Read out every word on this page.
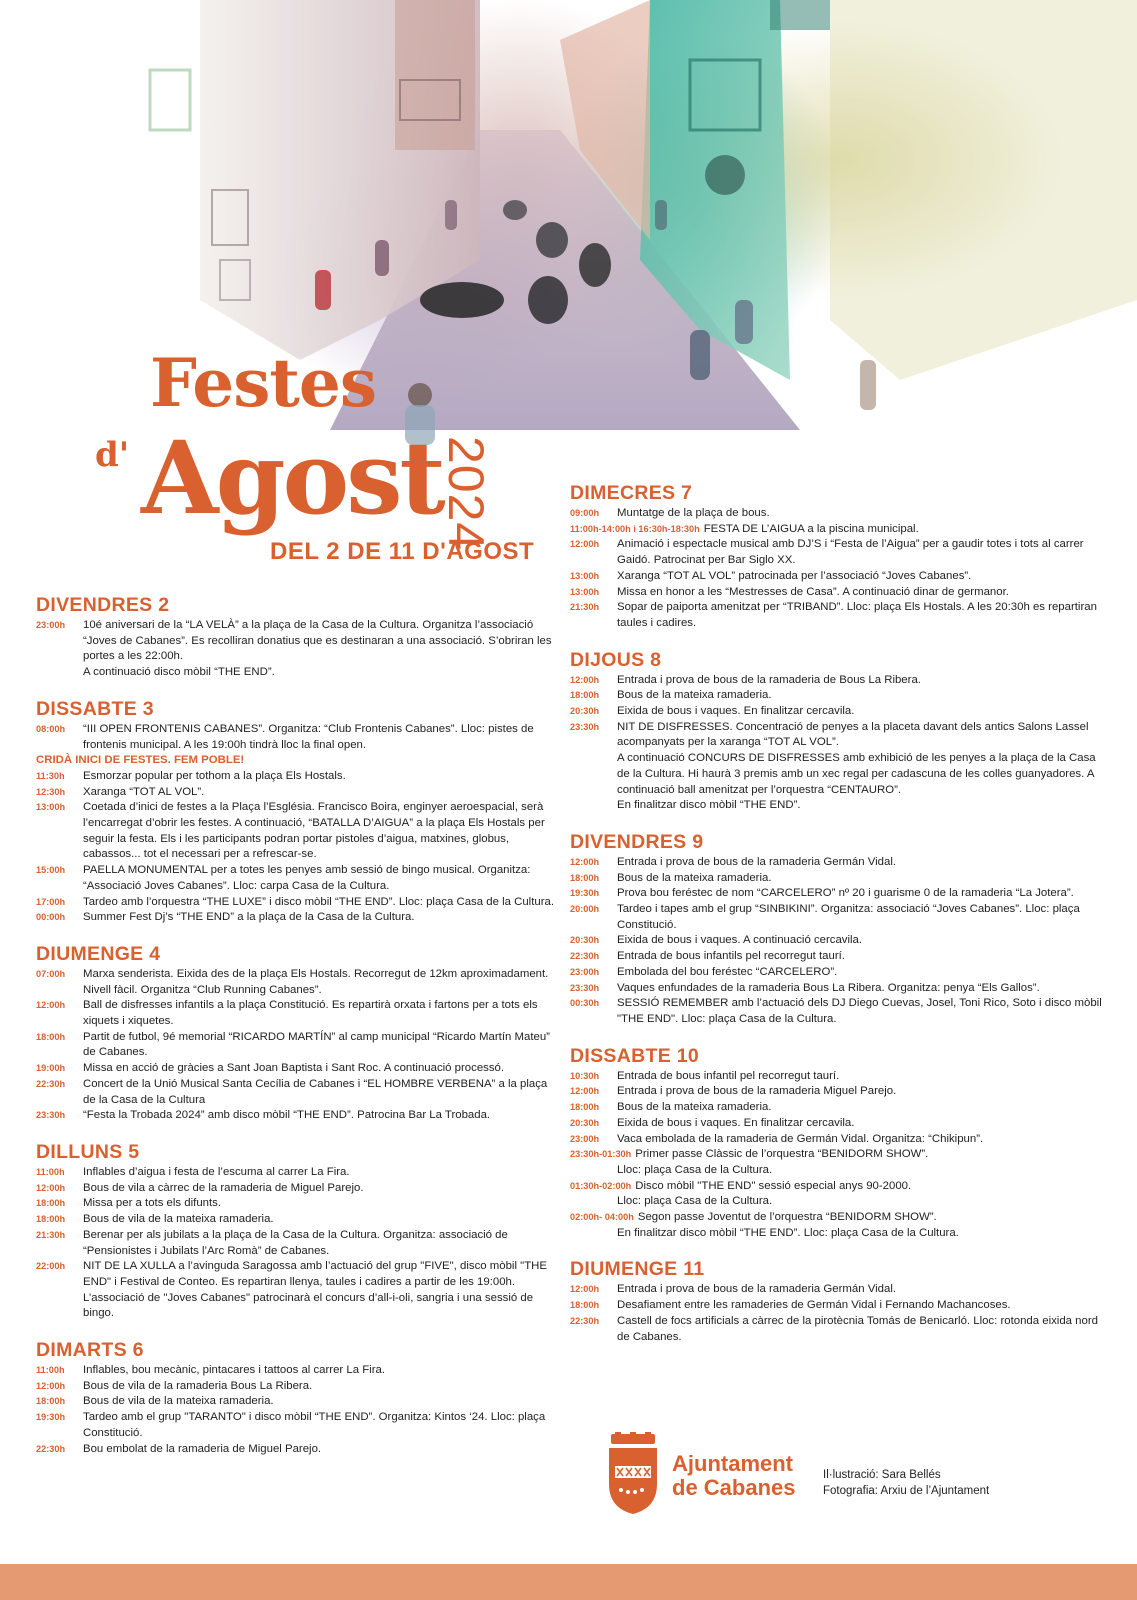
Festes
d' Agost
2024
DEL 2 DE 11 D'AGOST
DIVENDRES 2
23:00h	10é aniversari de la “LA VELÀ” a la plaça de la Casa de la Cultura. Organitza l’associació “Joves de Cabanes”. Es recolliran donatius que es destinaran a una associació. S’obriran les portes a les 22:00h.
A continuació disco mòbil “THE END”.
DISSABTE 3
08:00h	“III OPEN FRONTENIS CABANES”. Organitza: “Club Frontenis Cabanes”. Lloc: pistes de frontenis municipal. A les 19:00h tindrà lloc la final open.
CRIDÀ INICI DE FESTES. FEM POBLE!
11:30h	Esmorzar popular per tothom a la plaça Els Hostals.
12:30h	Xaranga “TOT AL VOL”.
13:00h	Coetada d’inici de festes a la Plaça l’Església. Francisco Boira, enginyer aeroespacial, serà l’encarregat d’obrir les festes. A continuació, “BATALLA D’AIGUA” a la plaça Els Hostals per seguir la festa. Els i les participants podran portar pistoles d’aigua, matxines, globus, cabassos... tot el necessari per a refrescar-se.
15:00h	PAELLA MONUMENTAL per a totes les penyes amb sessió de bingo musical. Organitza: “Associació Joves Cabanes”. Lloc: carpa Casa de la Cultura.
17:00h	Tardeo amb l’orquestra “THE LUXE” i disco mòbil “THE END”. Lloc: plaça Casa de la Cultura.
00:00h	Summer Fest Dj’s “THE END” a la plaça de la Casa de la Cultura.
DIUMENGE 4
07:00h	Marxa senderista. Eixida des de la plaça Els Hostals. Recorregut de 12km aproximadament. Nivell fàcil. Organitza “Club Running Cabanes”.
12:00h	Ball de disfresses infantils a la plaça Constitució. Es repartirà orxata i fartons per a tots els xiquets i xiquetes.
18:00h	Partit de futbol, 9é memorial “RICARDO MARTÍN” al camp municipal “Ricardo Martín Mateu” de Cabanes.
19:00h	Missa en acció de gràcies a Sant Joan Baptista i Sant Roc. A continuació processó.
22:30h	Concert de la Unió Musical Santa Cecília de Cabanes i “EL HOMBRE VERBENA” a la plaça de la Casa de la Cultura
23:30h	“Festa la Trobada 2024” amb disco mòbil “THE END”. Patrocina Bar La Trobada.
DILLUNS 5
11:00h	Inflables d’aigua i festa de l’escuma al carrer La Fira.
12:00h	Bous de vila a càrrec de la ramaderia de Miguel Parejo.
18:00h	Missa per a tots els difunts.
18:00h	Bous de vila de la mateixa ramaderia.
21:30h	Berenar per als jubilats a la plaça de la Casa de la Cultura. Organitza: associació de “Pensionistes i Jubilats l’Arc Romà” de Cabanes.
22:00h	NIT DE LA XULLA a l’avinguda Saragossa amb l’actuació del grup "FIVE", disco mòbil "THE END" i Festival de Conteo. Es repartiran llenya, taules i cadires a partir de les 19:00h. L’associació de "Joves Cabanes" patrocinarà el concurs d’all-i-oli, sangria i una sessió de bingo.
DIMARTS 6
11:00h	Inflables, bou mecànic, pintacares i tattoos al carrer La Fira.
12:00h	Bous de vila de la ramaderia Bous La Ribera.
18:00h	Bous de vila de la mateixa ramaderia.
19:30h	Tardeo amb el grup "TARANTO" i disco mòbil “THE END”. Organitza: Kintos ‘24. Lloc: plaça Constitució.
22:30h	Bou embolat de la ramaderia de Miguel Parejo.
DIMECRES 7
09:00h	Muntatge de la plaça de bous.
11:00h-14:00h i 16:30h-18:30h FESTA DE L’AIGUA a la piscina municipal.
12:00h	Animació i espectacle musical amb DJ’S i “Festa de l’Aigua” per a gaudir totes i tots al carrer Gaidó. Patrocinat per Bar Siglo XX.
13:00h	Xaranga “TOT AL VOL” patrocinada per l’associació “Joves Cabanes”.
13:00h	Missa en honor a les “Mestresses de Casa”. A continuació dinar de germanor.
21:30h	Sopar de paiporta amenitzat per “TRIBAND”. Lloc: plaça Els Hostals. A les 20:30h es repartiran taules i cadires.
DIJOUS 8
12:00h	Entrada i prova de bous de la ramaderia de Bous La Ribera.
18:00h	Bous de la mateixa ramaderia.
20:30h	Eixida de bous i vaques. En finalitzar cercavila.
23:30h	NIT DE DISFRESSES. Concentració de penyes a la placeta davant dels antics Salons Lassel acompanyats per la xaranga “TOT AL VOL”.
A continuació CONCURS DE DISFRESSES amb exhibició de les penyes a la plaça de la Casa de la Cultura. Hi haurà 3 premis amb un xec regal per cadascuna de les colles guanyadores. A continuació ball amenitzat per l’orquestra “CENTAURO”.
En finalitzar disco mòbil “THE END”.
DIVENDRES 9
12:00h	Entrada i prova de bous de la ramaderia Germán Vidal.
18:00h	Bous de la mateixa ramaderia.
19:30h	Prova bou feréstec de nom “CARCELERO” nº 20 i guarisme 0 de la ramaderia “La Jotera”.
20:00h	Tardeo i tapes amb el grup “SINBIKINI”. Organitza: associació “Joves Cabanes”. Lloc: plaça Constitució.
20:30h	Eixida de bous i vaques. A continuació cercavila.
22:30h	Entrada de bous infantils pel recorregut taurí.
23:00h	Embolada del bou feréstec “CARCELERO”.
23:30h	Vaques enfundades de la ramaderia Bous La Ribera. Organitza: penya “Els Gallos”.
00:30h	SESSIÓ REMEMBER amb l’actuació dels DJ Diego Cuevas, Josel, Toni Rico, Soto i disco mòbil "THE END". Lloc: plaça Casa de la Cultura.
DISSABTE 10
10:30h	Entrada de bous infantil pel recorregut taurí.
12:00h	Entrada i prova de bous de la ramaderia Miguel Parejo.
18:00h	Bous de la mateixa ramaderia.
20:30h	Eixida de bous i vaques. En finalitzar cercavila.
23:00h	Vaca embolada de la ramaderia de Germán Vidal. Organitza: “Chikipun”.
23:30h-01:30h Primer passe Clàssic de l’orquestra “BENIDORM SHOW”.
Lloc: plaça Casa de la Cultura.
01:30h-02:00h Disco mòbil "THE END" sessió especial anys 90-2000.
Lloc: plaça Casa de la Cultura.
02:00h- 04:00h Segon passe Joventut de l’orquestra “BENIDORM SHOW”.
En finalitzar disco mòbil “THE END”. Lloc: plaça Casa de la Cultura.
DIUMENGE 11
12:00h	Entrada i prova de bous de la ramaderia Germán Vidal.
18:00h	Desafiament entre les ramaderies de Germán Vidal i Fernando Machancoses.
22:30h	Castell de focs artificials a càrrec de la pirotècnia Tomás de Benicarló. Lloc: rotonda eixida nord de Cabanes.
Ajuntament
de Cabanes Il·lustració: Sara Bellés
Fotografia: Arxiu de l’Ajuntament
